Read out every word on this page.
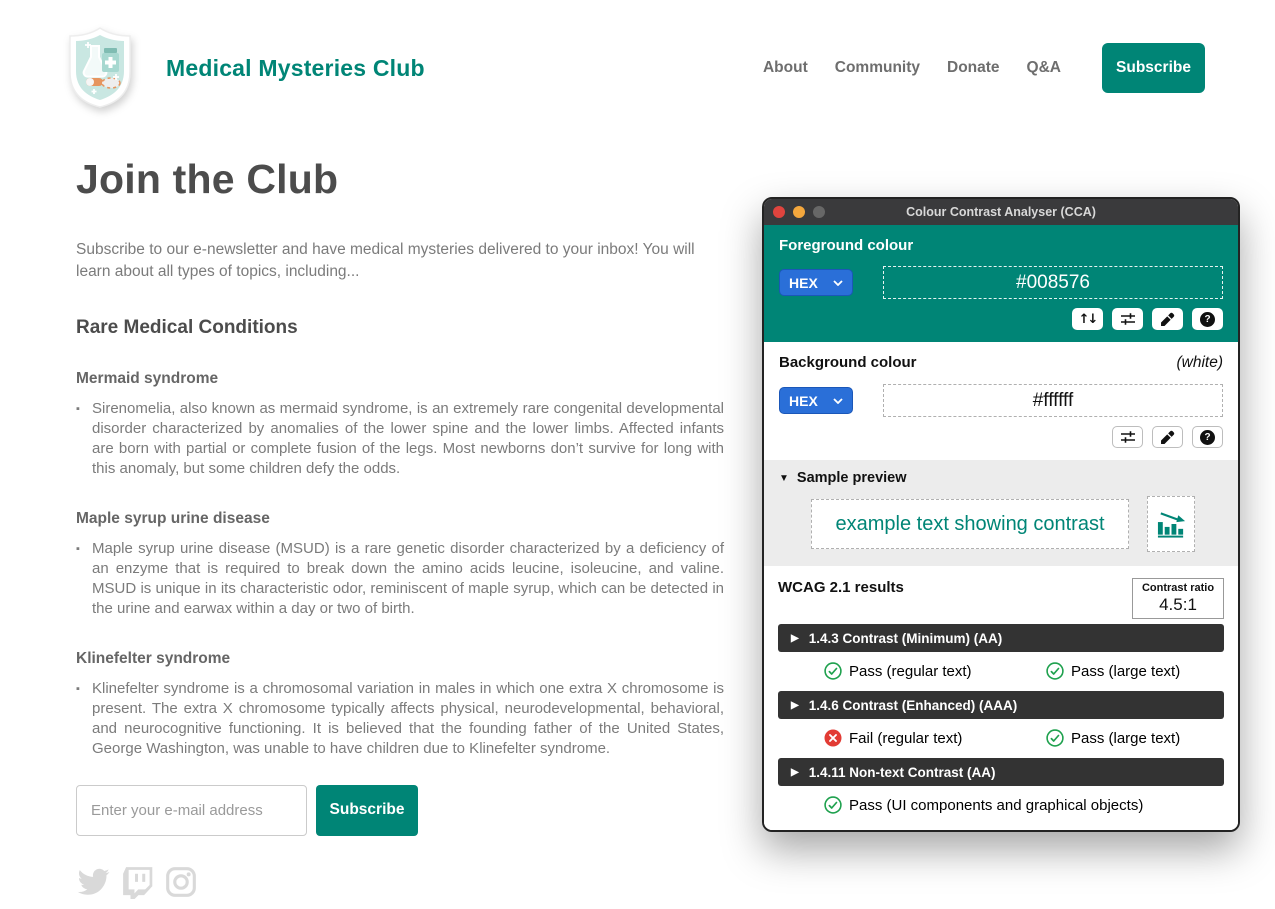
Medical Mysteries Club	About Community Donate Q&A	Subscribe
Join the Club

Subscribe to our e-newsletter and have medical mysteries delivered to your inbox! You will learn about all types of topics, including...

Rare Medical Conditions
Mermaid syndrome
▪ Sirenomelia, also known as mermaid syndrome, is an extremely rare congenital developmental disorder characterized by anomalies of the lower spine and the lower limbs. Affected infants are born with partial or complete fusion of the legs. Most newborns don’t survive for long with this anomaly, but some children defy the odds.
Maple syrup urine disease
▪ Maple syrup urine disease (MSUD) is a rare genetic disorder characterized by a deficiency of an enzyme that is required to break down the amino acids leucine, isoleucine, and valine. MSUD is unique in its characteristic odor, reminiscent of maple syrup, which can be detected in the urine and earwax within a day or two of birth.
Klinefelter syndrome
▪ Klinefelter syndrome is a chromosomal variation in males in which one extra X chromosome is present. The extra X chromosome typically affects physical, neurodevelopmental, behavioral, and neurocognitive functioning. It is believed that the founding father of the United States, George Washington, was unable to have children due to Klinefelter syndrome.
Enter your e-mail address
Subscribe
Colour Contrast Analyser (CCA)
Foreground colour
HEX	#008576
↑↓	?
Background colour	(white)
HEX	#ffffff
?
▼ Sample preview
example text showing contrast
WCAG 2.1 results	Contrast ratio
4.5:1
▶ 1.4.3 Contrast (Minimum) (AA)
Pass (regular text)	Pass (large text)
▶ 1.4.6 Contrast (Enhanced) (AAA)
Fail (regular text)	Pass (large text)
▶ 1.4.11 Non-text Contrast (AA)
Pass (UI components and graphical objects)
